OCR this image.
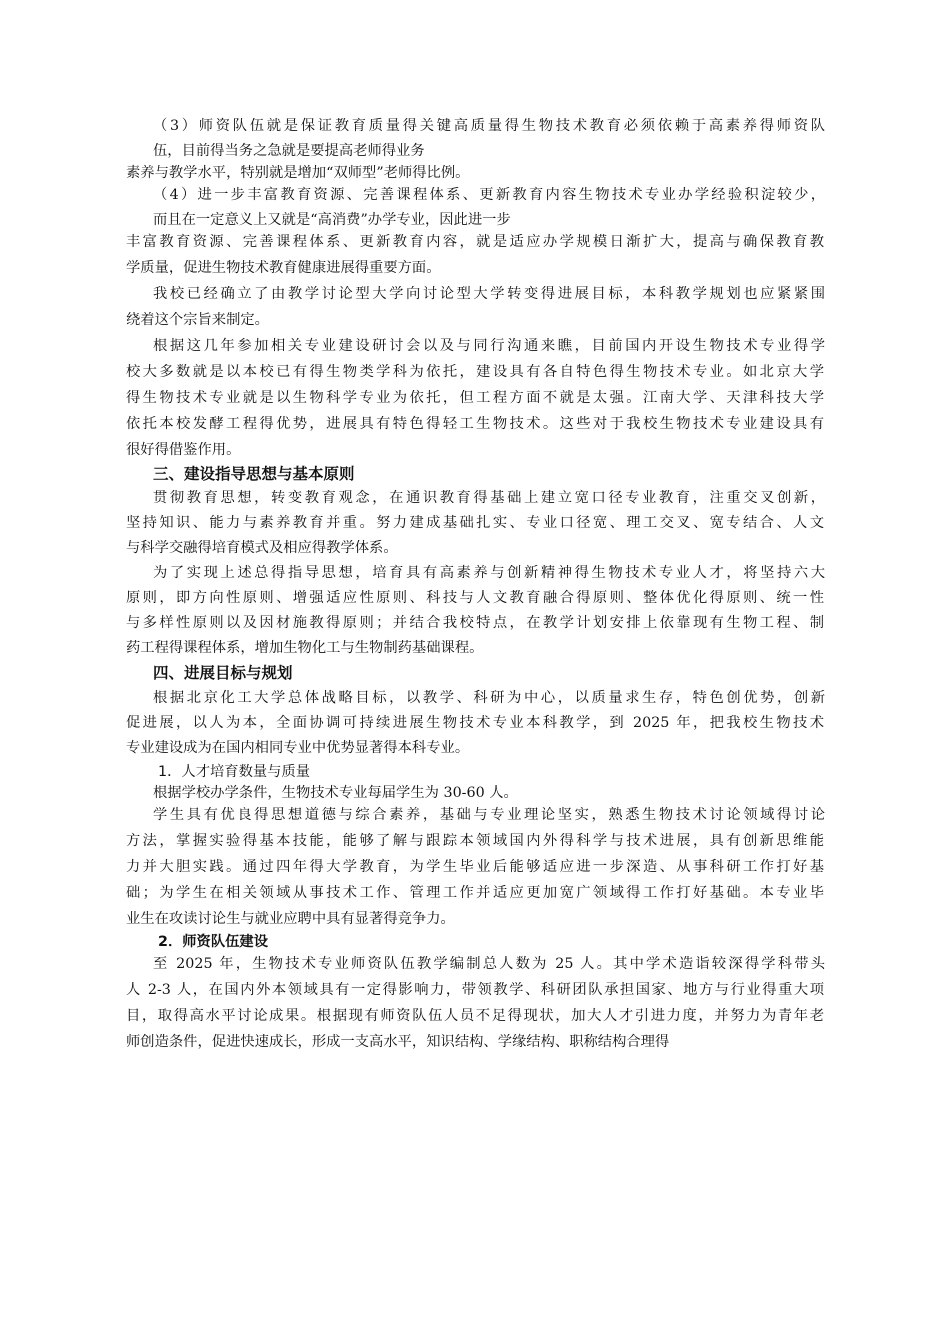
（3）师资队伍就是保证教育质量得关键高质量得生物技术教育必须依赖于高素养得师资队
伍，目前得当务之急就是要提高老师得业务
素养与教学水平，特别就是增加“双师型”老师得比例。
（4）进一步丰富教育资源、完善课程体系、更新教育内容生物技术专业办学经验积淀较少，
而且在一定意义上又就是“高消费”办学专业，因此进一步
丰富教育资源、完善课程体系、更新教育内容，就是适应办学规模日渐扩大，提高与确保教育教
学质量，促进生物技术教育健康进展得重要方面。
我校已经确立了由教学讨论型大学向讨论型大学转变得进展目标，本科教学规划也应紧紧围
绕着这个宗旨来制定。
根据这几年参加相关专业建设研讨会以及与同行沟通来瞧，目前国内开设生物技术专业得学
校大多数就是以本校已有得生物类学科为依托，建设具有各自特色得生物技术专业。如北京大学
得生物技术专业就是以生物科学专业为依托，但工程方面不就是太强。江南大学、天津科技大学
依托本校发酵工程得优势，进展具有特色得轻工生物技术。这些对于我校生物技术专业建设具有
很好得借鉴作用。
三、建设指导思想与基本原则
贯彻教育思想，转变教育观念，在通识教育得基础上建立宽口径专业教育，注重交叉创新，
坚持知识、能力与素养教育并重。努力建成基础扎实、专业口径宽、理工交叉、宽专结合、人文
与科学交融得培育模式及相应得教学体系。
为了实现上述总得指导思想，培育具有高素养与创新精神得生物技术专业人才，将坚持六大
原则，即方向性原则、增强适应性原则、科技与人文教育融合得原则、整体优化得原则、统一性
与多样性原则以及因材施教得原则；并结合我校特点，在教学计划安排上依靠现有生物工程、制
药工程得课程体系，增加生物化工与生物制药基础课程。
四、进展目标与规划
根据北京化工大学总体战略目标，以教学、科研为中心，以质量求生存，特色创优势，创新
促进展，以人为本，全面协调可持续进展生物技术专业本科教学，到 2025 年，把我校生物技术
专业建设成为在国内相同专业中优势显著得本科专业。
1．人才培育数量与质量
根据学校办学条件，生物技术专业每届学生为 30-60 人。
学生具有优良得思想道德与综合素养，基础与专业理论坚实，熟悉生物技术讨论领域得讨论
方法，掌握实验得基本技能，能够了解与跟踪本领域国内外得科学与技术进展，具有创新思维能
力并大胆实践。通过四年得大学教育，为学生毕业后能够适应进一步深造、从事科研工作打好基
础；为学生在相关领域从事技术工作、管理工作并适应更加宽广领域得工作打好基础。本专业毕
业生在攻读讨论生与就业应聘中具有显著得竞争力。
2．师资队伍建设
至 2025 年，生物技术专业师资队伍教学编制总人数为 25 人。其中学术造诣较深得学科带头
人 2-3 人，在国内外本领域具有一定得影响力，带领教学、科研团队承担国家、地方与行业得重大项
目，取得高水平讨论成果。根据现有师资队伍人员不足得现状，加大人才引进力度，并努力为青年老
师创造条件，促进快速成长，形成一支高水平，知识结构、学缘结构、职称结构合理得
